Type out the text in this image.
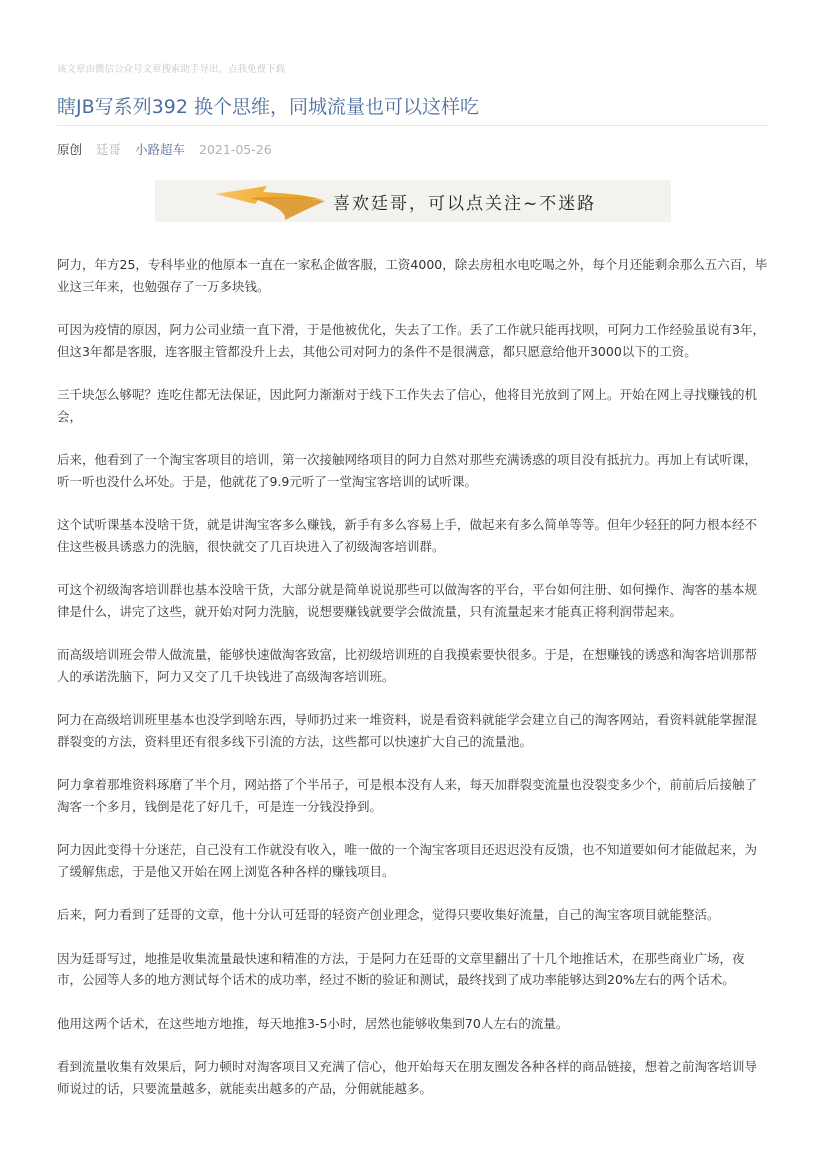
该文章由微信公众号文章搜索助手导出，点我免费下载
瞎JB写系列392 换个思维，同城流量也可以这样吃
原创 廷哥 小路超车 2021-05-26
喜欢廷哥，可以点关注~不迷路

阿力，年方25，专科毕业的他原本一直在一家私企做客服，工资4000，除去房租水电吃喝之外，每个月还能剩余那么五六百，毕业这三年来，也勉强存了一万多块钱。

可因为疫情的原因，阿力公司业绩一直下滑，于是他被优化，失去了工作。丢了工作就只能再找呗，可阿力工作经验虽说有3年，但这3年都是客服，连客服主管都没升上去，其他公司对阿力的条件不是很满意，都只愿意给他开3000以下的工资。

三千块怎么够呢？连吃住都无法保证，因此阿力渐渐对于线下工作失去了信心，他将目光放到了网上。开始在网上寻找赚钱的机会，

后来，他看到了一个淘宝客项目的培训，第一次接触网络项目的阿力自然对那些充满诱惑的项目没有抵抗力。再加上有试听课，听一听也没什么坏处。于是，他就花了9.9元听了一堂淘宝客培训的试听课。

这个试听课基本没啥干货，就是讲淘宝客多么赚钱，新手有多么容易上手，做起来有多么简单等等。但年少轻狂的阿力根本经不住这些极具诱惑力的洗脑，很快就交了几百块进入了初级淘客培训群。

可这个初级淘客培训群也基本没啥干货，大部分就是简单说说那些可以做淘客的平台，平台如何注册、如何操作、淘客的基本规律是什么，讲完了这些，就开始对阿力洗脑，说想要赚钱就要学会做流量，只有流量起来才能真正将利润带起来。

而高级培训班会带人做流量，能够快速做淘客致富，比初级培训班的自我摸索要快很多。于是，在想赚钱的诱惑和淘客培训那帮人的承诺洗脑下，阿力又交了几千块钱进了高级淘客培训班。

阿力在高级培训班里基本也没学到啥东西，导师扔过来一堆资料，说是看资料就能学会建立自己的淘客网站，看资料就能掌握混群裂变的方法，资料里还有很多线下引流的方法，这些都可以快速扩大自己的流量池。

阿力拿着那堆资料琢磨了半个月，网站搭了个半吊子，可是根本没有人来，每天加群裂变流量也没裂变多少个，前前后后接触了淘客一个多月，钱倒是花了好几千，可是连一分钱没挣到。

阿力因此变得十分迷茫，自己没有工作就没有收入，唯一做的一个淘宝客项目还迟迟没有反馈，也不知道要如何才能做起来，为了缓解焦虑，于是他又开始在网上浏览各种各样的赚钱项目。

后来，阿力看到了廷哥的文章，他十分认可廷哥的轻资产创业理念，觉得只要收集好流量，自己的淘宝客项目就能整活。

因为廷哥写过，地推是收集流量最快速和精准的方法，于是阿力在廷哥的文章里翻出了十几个地推话术，在那些商业广场，夜市，公园等人多的地方测试每个话术的成功率，经过不断的验证和测试，最终找到了成功率能够达到20%左右的两个话术。

他用这两个话术，在这些地方地推，每天地推3-5小时，居然也能够收集到70人左右的流量。

看到流量收集有效果后，阿力顿时对淘客项目又充满了信心，他开始每天在朋友圈发各种各样的商品链接，想着之前淘客培训导师说过的话，只要流量越多，就能卖出越多的产品，分佣就能越多。
